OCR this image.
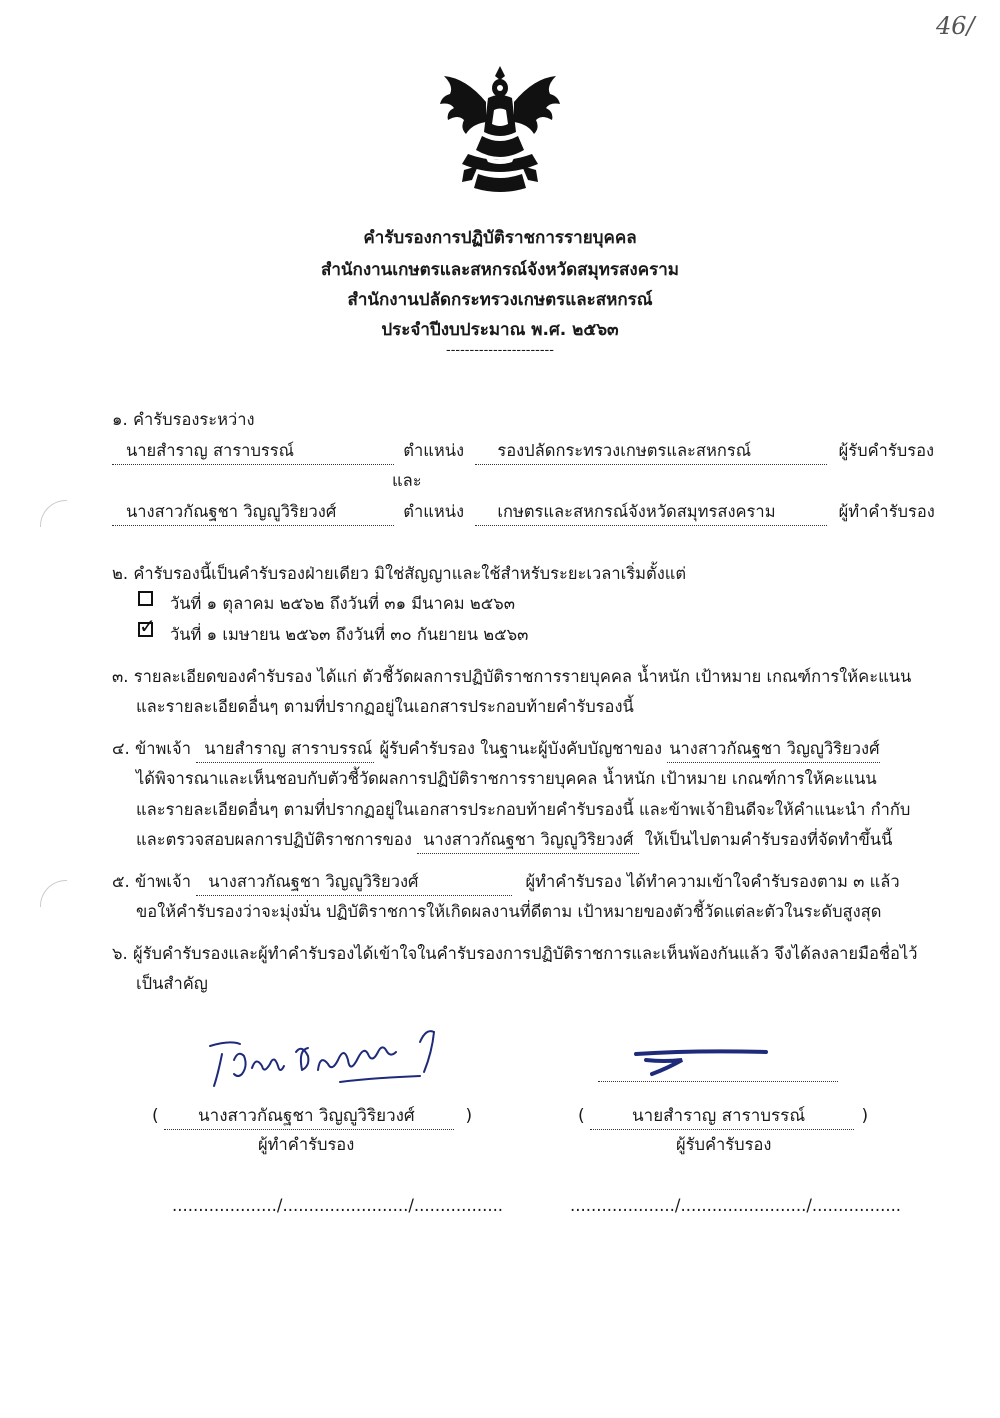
46/
คำรับรองการปฏิบัติราชการรายบุคคล
สำนักงานเกษตรและสหกรณ์จังหวัดสมุทรสงคราม
สำนักงานปลัดกระทรวงเกษตรและสหกรณ์
ประจำปีงบประมาณ พ.ศ. ๒๕๖๓
-----------------------
๑. คำรับรองระหว่าง
นายสำราญ สาราบรรณ์	ตำแหน่ง รองปลัดกระทรวงเกษตรและสหกรณ์	ผู้รับคำรับรอง
และ
นางสาวกัณฐชา วิญญูวิริยวงศ์	ตำแหน่ง เกษตรและสหกรณ์จังหวัดสมุทรสงคราม	ผู้ทำคำรับรอง
๒. คำรับรองนี้เป็นคำรับรองฝ่ายเดียว มิใช่สัญญาและใช้สำหรับระยะเวลาเริ่มตั้งแต่
วันที่ ๑ ตุลาคม ๒๕๖๒ ถึงวันที่ ๓๑ มีนาคม ๒๕๖๓
✓ วันที่ ๑ เมษายน ๒๕๖๓ ถึงวันที่ ๓๐ กันยายน ๒๕๖๓
๓. รายละเอียดของคำรับรอง ได้แก่ ตัวชี้วัดผลการปฏิบัติราชการรายบุคคล น้ำหนัก เป้าหมาย เกณฑ์การให้คะแนน
และรายละเอียดอื่นๆ ตามที่ปรากฏอยู่ในเอกสารประกอบท้ายคำรับรองนี้
๔. ข้าพเจ้า นายสำราญ สาราบรรณ์ ผู้รับคำรับรอง ในฐานะผู้บังคับบัญชาของ นางสาวกัณฐชา วิญญูวิริยวงศ์
ได้พิจารณาและเห็นชอบกับตัวชี้วัดผลการปฏิบัติราชการรายบุคคล น้ำหนัก เป้าหมาย เกณฑ์การให้คะแนน
และรายละเอียดอื่นๆ ตามที่ปรากฏอยู่ในเอกสารประกอบท้ายคำรับรองนี้ และข้าพเจ้ายินดีจะให้คำแนะนำ กำกับ
และตรวจสอบผลการปฏิบัติราชการของ นางสาวกัณฐชา วิญญูวิริยวงศ์ ให้เป็นไปตามคำรับรองที่จัดทำขึ้นนี้
๕. ข้าพเจ้า นางสาวกัณฐชา วิญญูวิริยวงศ์	ผู้ทำคำรับรอง ได้ทำความเข้าใจคำรับรองตาม ๓ แล้ว
ขอให้คำรับรองว่าจะมุ่งมั่น ปฏิบัติราชการให้เกิดผลงานที่ดีตาม เป้าหมายของตัวชี้วัดแต่ละตัวในระดับสูงสุด
๖. ผู้รับคำรับรองและผู้ทำคำรับรองได้เข้าใจในคำรับรองการปฏิบัติราชการและเห็นพ้องกันแล้ว จึงได้ลงลายมือชื่อไว้
เป็นสำคัญ
( นางสาวกัณฐชา วิญญูวิริยวงศ์	)
ผู้ทำคำรับรอง
..................../......................../.................
(	นายสำราญ สาราบรรณ์	)
ผู้รับคำรับรอง
..................../......................../.................
